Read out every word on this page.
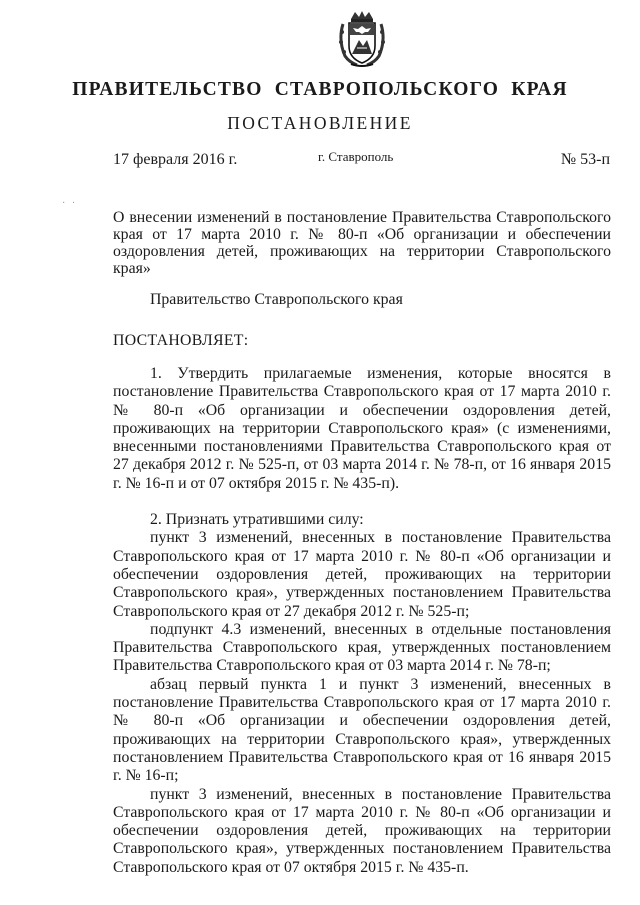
ПРАВИТЕЛЬСТВО СТАВРОПОЛЬСКОГО КРАЯ
ПОСТАНОВЛЕНИЕ
17 февраля 2016 г.	г. Ставрополь	№ 53-п
· ·
О внесении изменений в постановление Правительства Ставропольского края от 17 марта 2010 г. № 80-п «Об организации и обеспечении оздоровления детей, проживающих на территории Ставропольского края»
Правительство Ставропольского края
ПОСТАНОВЛЯЕТ:

1. Утвердить прилагаемые изменения, которые вносятся в постановление Правительства Ставропольского края от 17 марта 2010 г. № 80-п «Об организации и обеспечении оздоровления детей, проживающих на территории Ставропольского края» (с изменениями, внесенными постановлениями Правительства Ставропольского края от 27 декабря 2012 г. № 525-п, от 03 марта 2014 г. № 78-п, от 16 января 2015 г. № 16-п и от 07 октября 2015 г. № 435-п).

2. Признать утратившими силу:

пункт 3 изменений, внесенных в постановление Правительства Ставропольского края от 17 марта 2010 г. № 80-п «Об организации и обеспечении оздоровления детей, проживающих на территории Ставропольского края», утвержденных постановлением Правительства Ставропольского края от 27 декабря 2012 г. № 525-п;

подпункт 4.3 изменений, внесенных в отдельные постановления Правительства Ставропольского края, утвержденных постановлением Правительства Ставропольского края от 03 марта 2014 г. № 78-п;

абзац первый пункта 1 и пункт 3 изменений, внесенных в постановление Правительства Ставропольского края от 17 марта 2010 г. № 80-п «Об организации и обеспечении оздоровления детей, проживающих на территории Ставропольского края», утвержденных постановлением Правительства Ставропольского края от 16 января 2015 г. № 16-п;

пункт 3 изменений, внесенных в постановление Правительства Ставропольского края от 17 марта 2010 г. № 80-п «Об организации и обеспечении оздоровления детей, проживающих на территории Ставропольского края», утвержденных постановлением Правительства Ставропольского края от 07 октября 2015 г. № 435-п.
